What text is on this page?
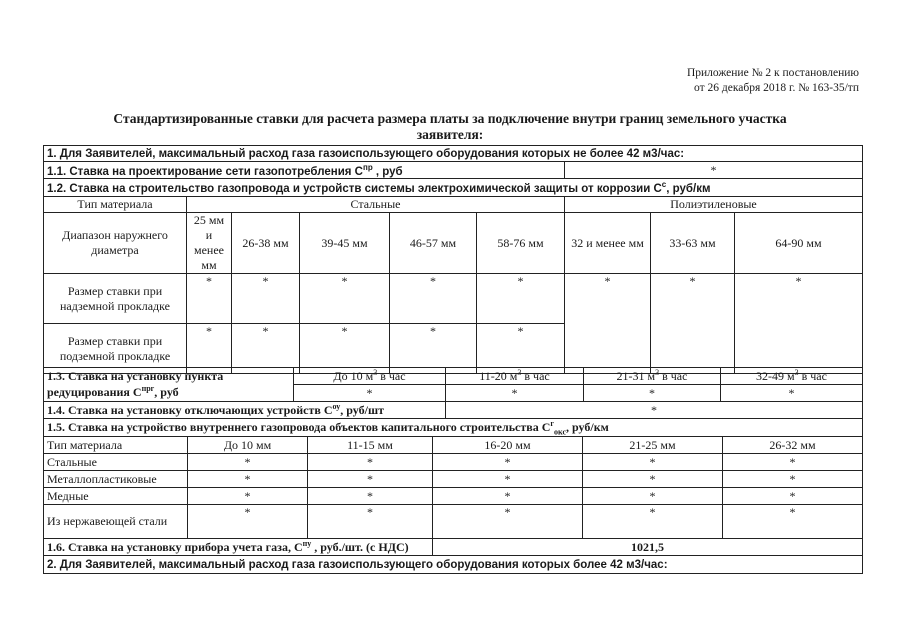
Приложение № 2 к постановлению
от 26 декабря 2018 г. № 163-35/тп
Стандартизированные ставки для расчета размера платы за подключение внутри границ земельного участка
заявителя:
1. Для Заявителей, максимальный расход газа газоиспользующего оборудования которых не более 42 м3/час:								
1.1. Ставка на проектирование сети газопотребления $С^{пр}$ , руб						*		
1.2. Ставка на строительство газопровода и устройств системы электрохимической защиты от коррозии $С^с$, руб/км								
Тип материала	Стальные					Полиэтиленовые		
Диапазон наружнего диаметра	25 мм и менее мм	26-38 мм	39-45 мм	46-57 мм	58-76 мм	32 и менее мм	33-63 мм	64-90 мм
Размер ставки при надземной прокладке	*	*	*	*	*	*	*	*
Размер ставки при подземной прокладке	*	*	*	*	*			
1.3. Ставка на установку пункта редуцирования $С^{прг}$, руб	До 10 $м^3$ в час	11-20 $м^3$ в час	21-31 $м^3$ в час	32-49 $м^3$ в час
	*	*	*	*
1.4. Ставка на установку отключающих устройств $С^{оу}$, руб/шт		*		
1.5. Ставка на устройство внутреннего газопровода объектов капитального строительства $С^г_{окс}$, руб/км					
Тип материала	До 10 мм	11-15 мм	16-20 мм	21-25 мм	26-32 мм
Стальные	*	*	*	*	*
Металлопластиковые	*	*	*	*	*
Медные	*	*	*	*	*
Из нержавеющей стали	*	*	*	*	*
1.6. Ставка на установку прибора учета газа, $С^{пу}$ , руб./шт. (с НДС)			1021,5		
2. Для Заявителей, максимальный расход газа газоиспользующего оборудования которых более 42 м3/час:					
